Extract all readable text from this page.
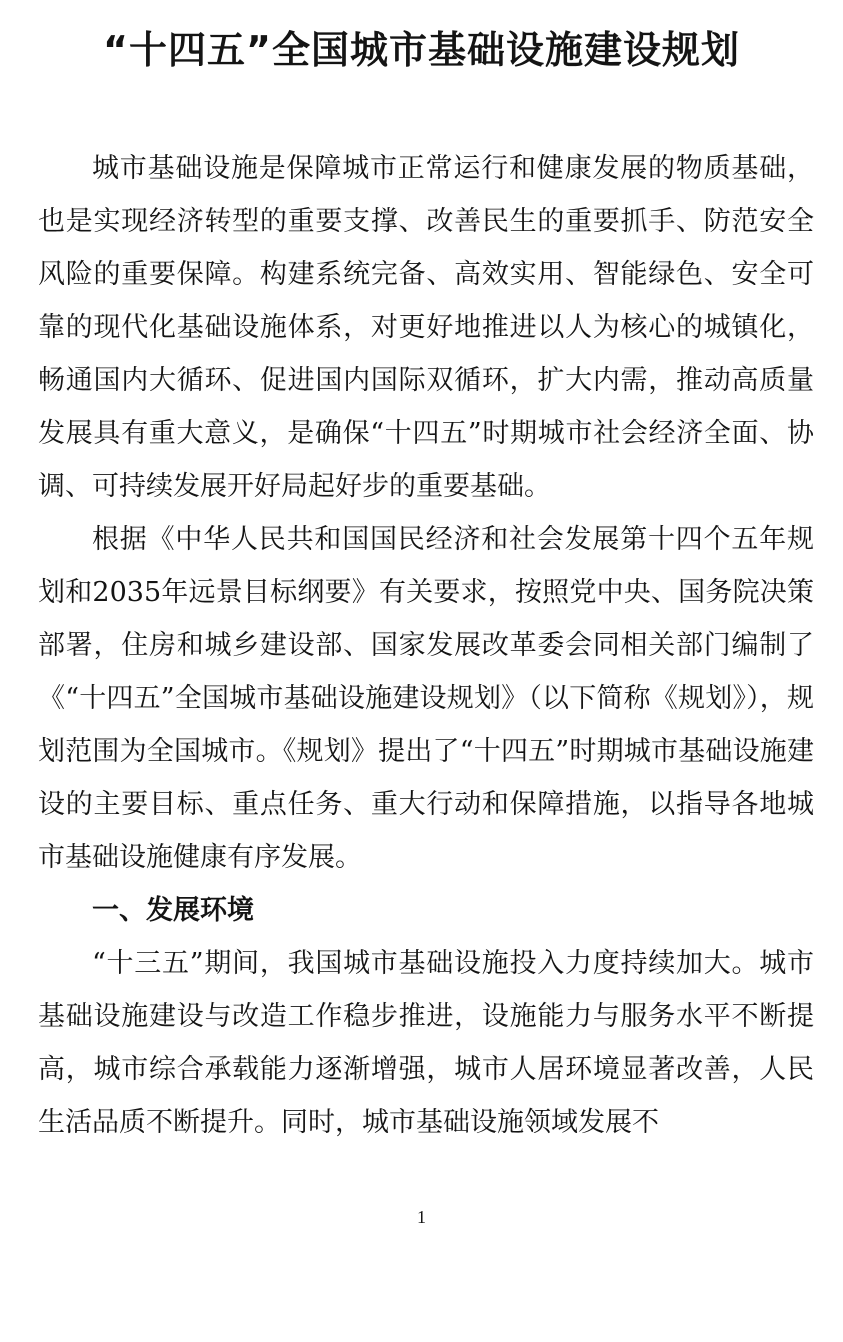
“十四五”全国城市基础设施建设规划

城市基础设施是保障城市正常运行和健康发展的物质基础，也是实现经济转型的重要支撑、改善民生的重要抓手、防范安全风险的重要保障。构建系统完备、高效实用、智能绿色、安全可靠的现代化基础设施体系，对更好地推进以人为核心的城镇化，畅通国内大循环、促进国内国际双循环，扩大内需，推动高质量发展具有重大意义，是确保“十四五”时期城市社会经济全面、协调、可持续发展开好局起好步的重要基础。

根据《中华人民共和国国民经济和社会发展第十四个五年规划和2035年远景目标纲要》有关要求，按照党中央、国务院决策部署，住房和城乡建设部、国家发展改革委会同相关部门编制了《“十四五”全国城市基础设施建设规划》（以下简称《规划》），规划范围为全国城市。《规划》提出了“十四五”时期城市基础设施建设的主要目标、重点任务、重大行动和保障措施，以指导各地城市基础设施健康有序发展。

一、发展环境

“十三五”期间，我国城市基础设施投入力度持续加大。城市基础设施建设与改造工作稳步推进，设施能力与服务水平不断提高，城市综合承载能力逐渐增强，城市人居环境显著改善，人民生活品质不断提升。同时，城市基础设施领域发展不

1
